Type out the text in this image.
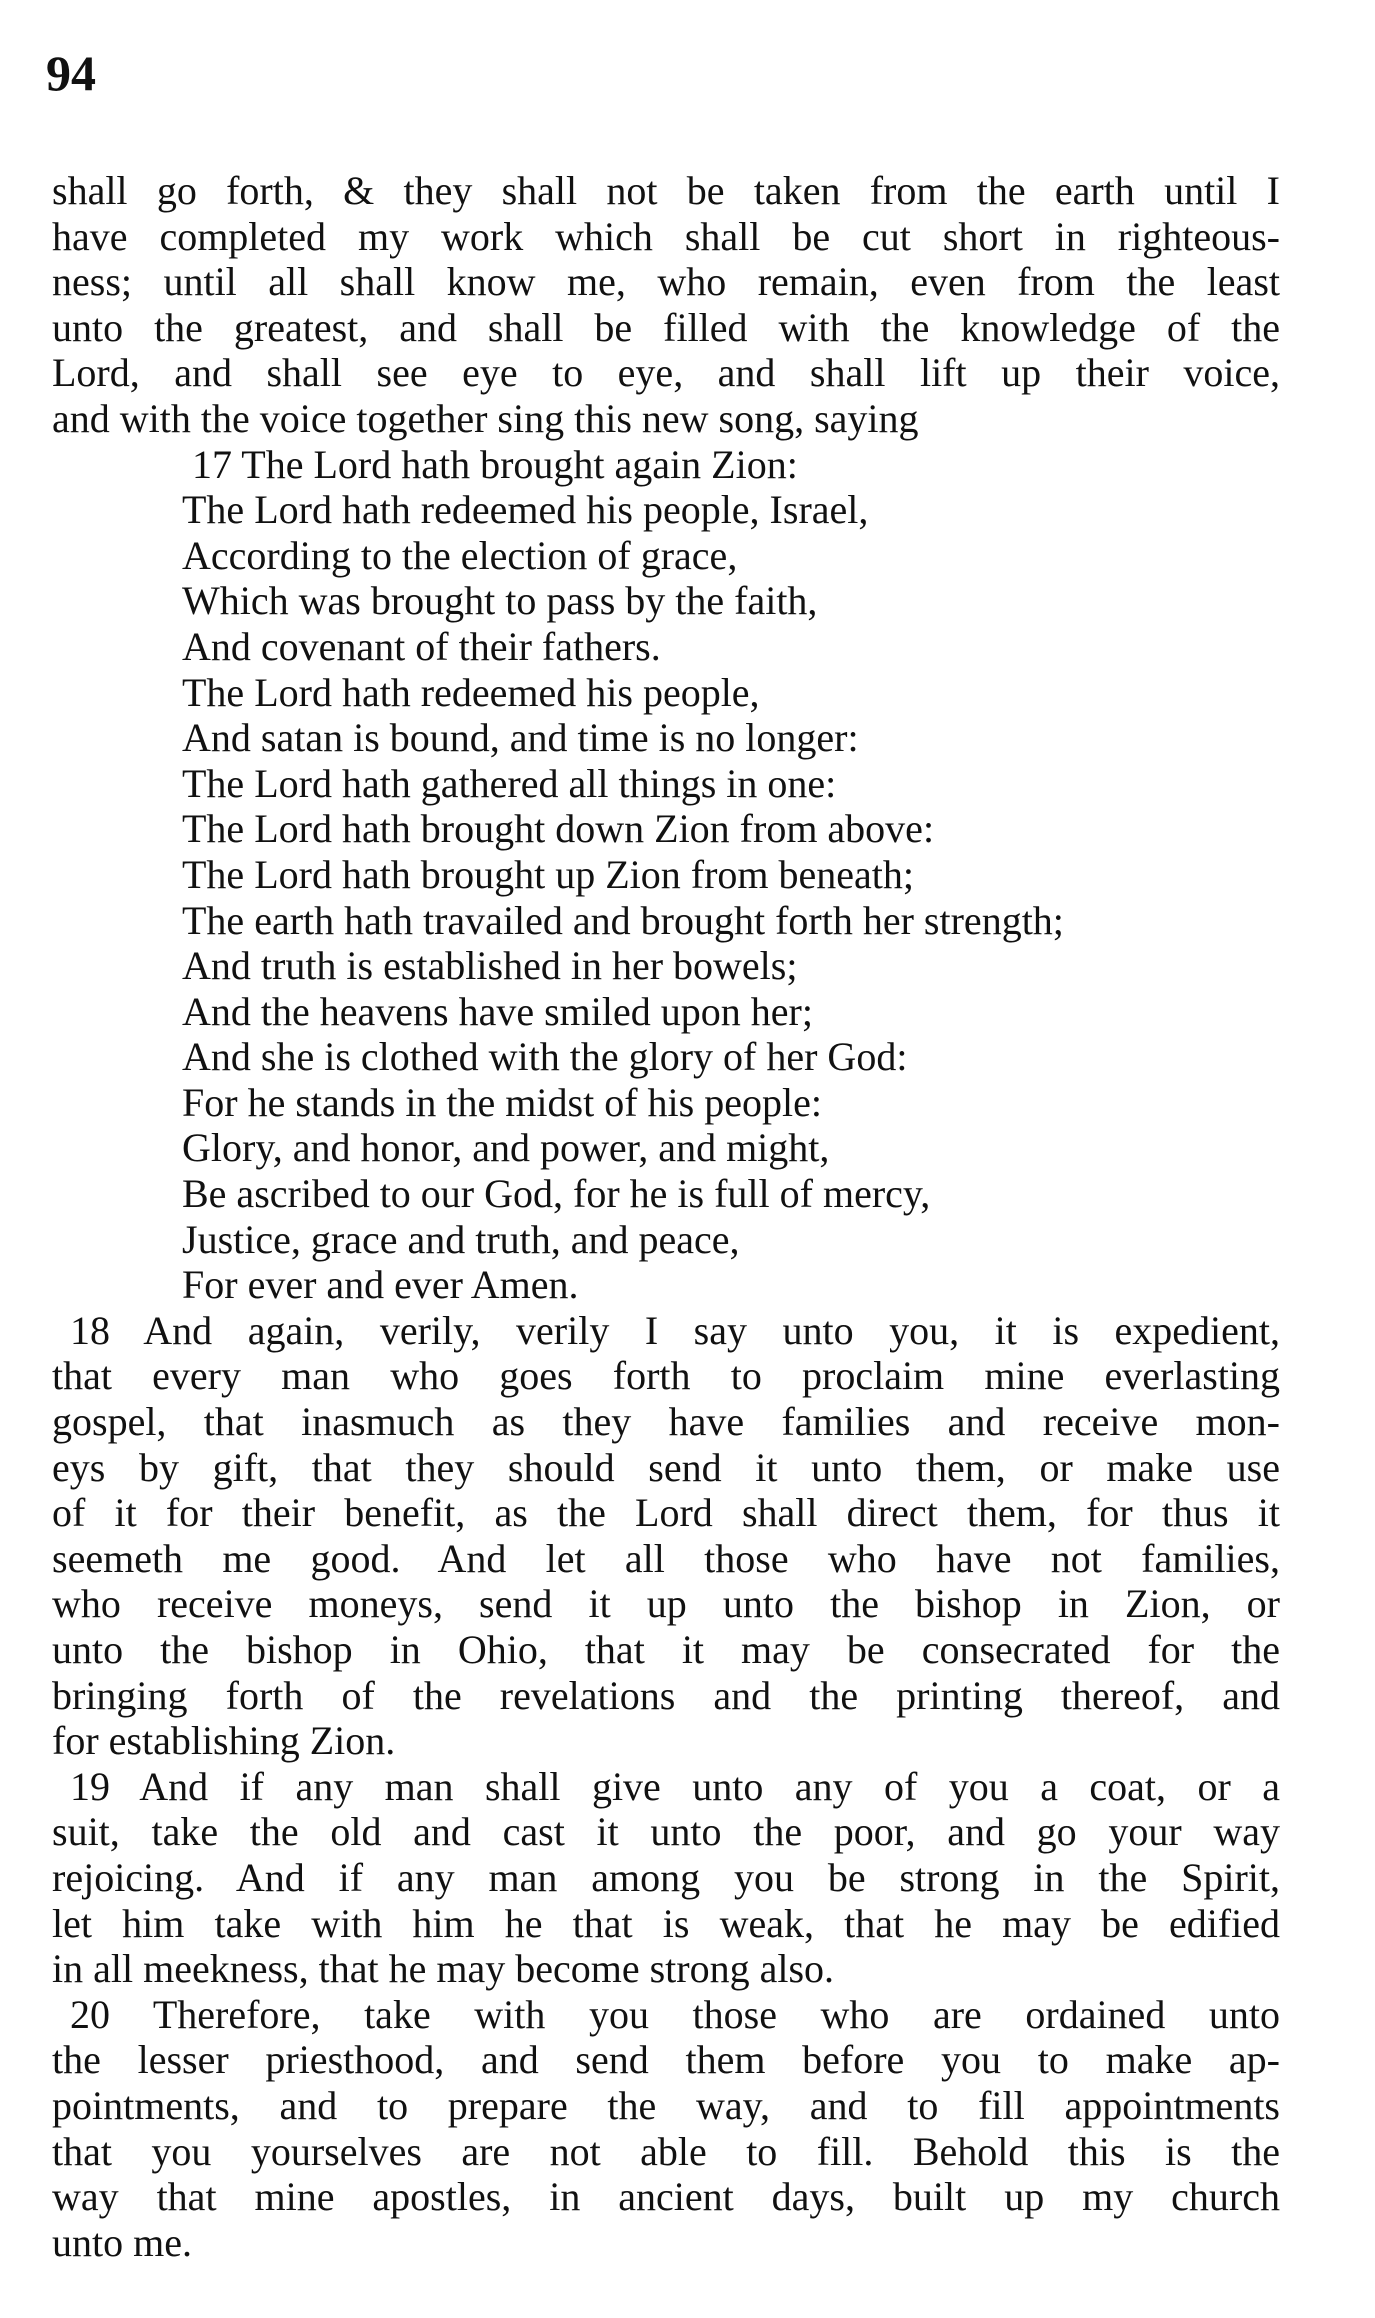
94
shall go forth, & they shall not be taken from the earth until I
have completed my work which shall be cut short in righteous-
ness; until all shall know me, who remain, even from the least
unto the greatest, and shall be filled with the knowledge of the
Lord, and shall see eye to eye, and shall lift up their voice,
and with the voice together sing this new song, saying
17 The Lord hath brought again Zion:
The Lord hath redeemed his people, Israel,
According to the election of grace,
Which was brought to pass by the faith,
And covenant of their fathers.
The Lord hath redeemed his people,
And satan is bound, and time is no longer:
The Lord hath gathered all things in one:
The Lord hath brought down Zion from above:
The Lord hath brought up Zion from beneath;
The earth hath travailed and brought forth her strength;
And truth is established in her bowels;
And the heavens have smiled upon her;
And she is clothed with the glory of her God:
For he stands in the midst of his people:
Glory, and honor, and power, and might,
Be ascribed to our God, for he is full of mercy,
Justice, grace and truth, and peace,
For ever and ever Amen.
18 And again, verily, verily I say unto you, it is expedient,
that every man who goes forth to proclaim mine everlasting
gospel, that inasmuch as they have families and receive mon-
eys by gift, that they should send it unto them, or make use
of it for their benefit, as the Lord shall direct them, for thus it
seemeth me good. And let all those who have not families,
who receive moneys, send it up unto the bishop in Zion, or
unto the bishop in Ohio, that it may be consecrated for the
bringing forth of the revelations and the printing thereof, and
for establishing Zion.
19 And if any man shall give unto any of you a coat, or a
suit, take the old and cast it unto the poor, and go your way
rejoicing. And if any man among you be strong in the Spirit,
let him take with him he that is weak, that he may be edified
in all meekness, that he may become strong also.
20 Therefore, take with you those who are ordained unto
the lesser priesthood, and send them before you to make ap-
pointments, and to prepare the way, and to fill appointments
that you yourselves are not able to fill. Behold this is the
way that mine apostles, in ancient days, built up my church
unto me.
